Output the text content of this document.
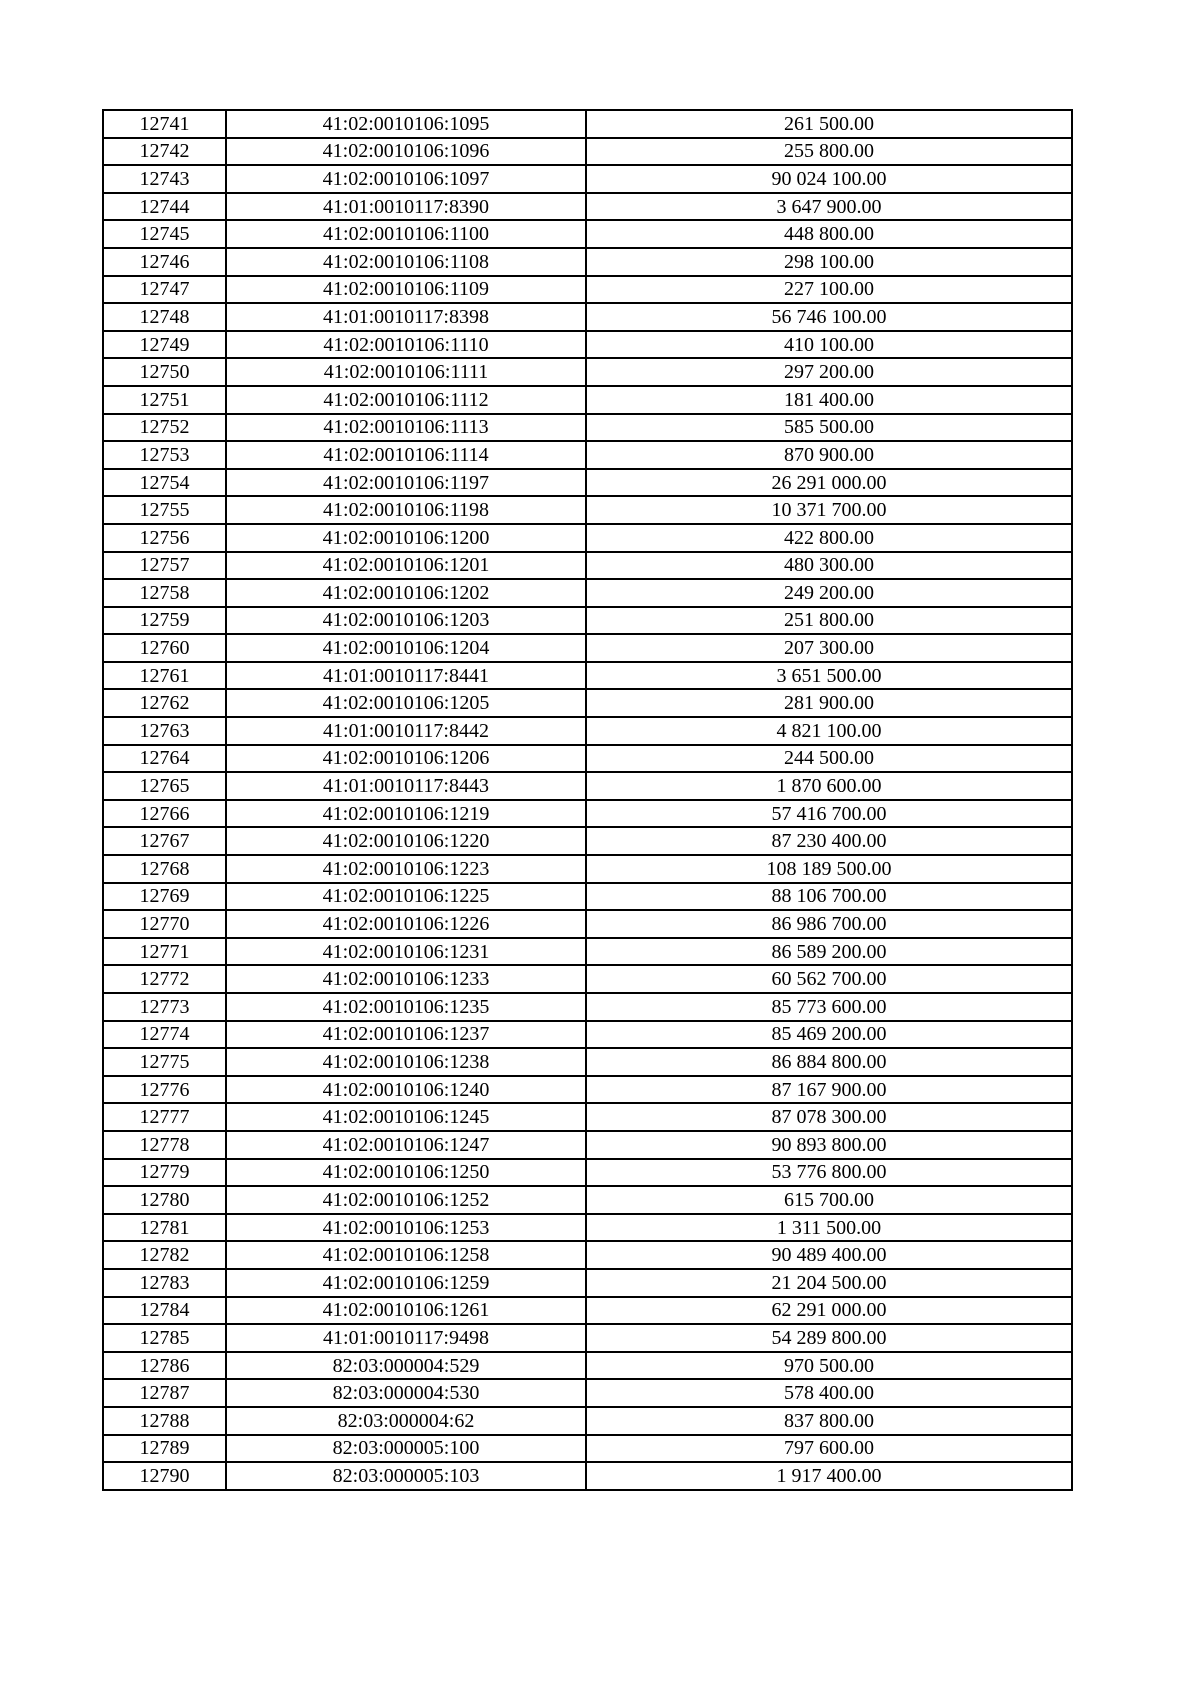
12741	41:02:0010106:1095	261 500.00
12742	41:02:0010106:1096	255 800.00
12743	41:02:0010106:1097	90 024 100.00
12744	41:01:0010117:8390	3 647 900.00
12745	41:02:0010106:1100	448 800.00
12746	41:02:0010106:1108	298 100.00
12747	41:02:0010106:1109	227 100.00
12748	41:01:0010117:8398	56 746 100.00
12749	41:02:0010106:1110	410 100.00
12750	41:02:0010106:1111	297 200.00
12751	41:02:0010106:1112	181 400.00
12752	41:02:0010106:1113	585 500.00
12753	41:02:0010106:1114	870 900.00
12754	41:02:0010106:1197	26 291 000.00
12755	41:02:0010106:1198	10 371 700.00
12756	41:02:0010106:1200	422 800.00
12757	41:02:0010106:1201	480 300.00
12758	41:02:0010106:1202	249 200.00
12759	41:02:0010106:1203	251 800.00
12760	41:02:0010106:1204	207 300.00
12761	41:01:0010117:8441	3 651 500.00
12762	41:02:0010106:1205	281 900.00
12763	41:01:0010117:8442	4 821 100.00
12764	41:02:0010106:1206	244 500.00
12765	41:01:0010117:8443	1 870 600.00
12766	41:02:0010106:1219	57 416 700.00
12767	41:02:0010106:1220	87 230 400.00
12768	41:02:0010106:1223	108 189 500.00
12769	41:02:0010106:1225	88 106 700.00
12770	41:02:0010106:1226	86 986 700.00
12771	41:02:0010106:1231	86 589 200.00
12772	41:02:0010106:1233	60 562 700.00
12773	41:02:0010106:1235	85 773 600.00
12774	41:02:0010106:1237	85 469 200.00
12775	41:02:0010106:1238	86 884 800.00
12776	41:02:0010106:1240	87 167 900.00
12777	41:02:0010106:1245	87 078 300.00
12778	41:02:0010106:1247	90 893 800.00
12779	41:02:0010106:1250	53 776 800.00
12780	41:02:0010106:1252	615 700.00
12781	41:02:0010106:1253	1 311 500.00
12782	41:02:0010106:1258	90 489 400.00
12783	41:02:0010106:1259	21 204 500.00
12784	41:02:0010106:1261	62 291 000.00
12785	41:01:0010117:9498	54 289 800.00
12786	82:03:000004:529	970 500.00
12787	82:03:000004:530	578 400.00
12788	82:03:000004:62	837 800.00
12789	82:03:000005:100	797 600.00
12790	82:03:000005:103	1 917 400.00
